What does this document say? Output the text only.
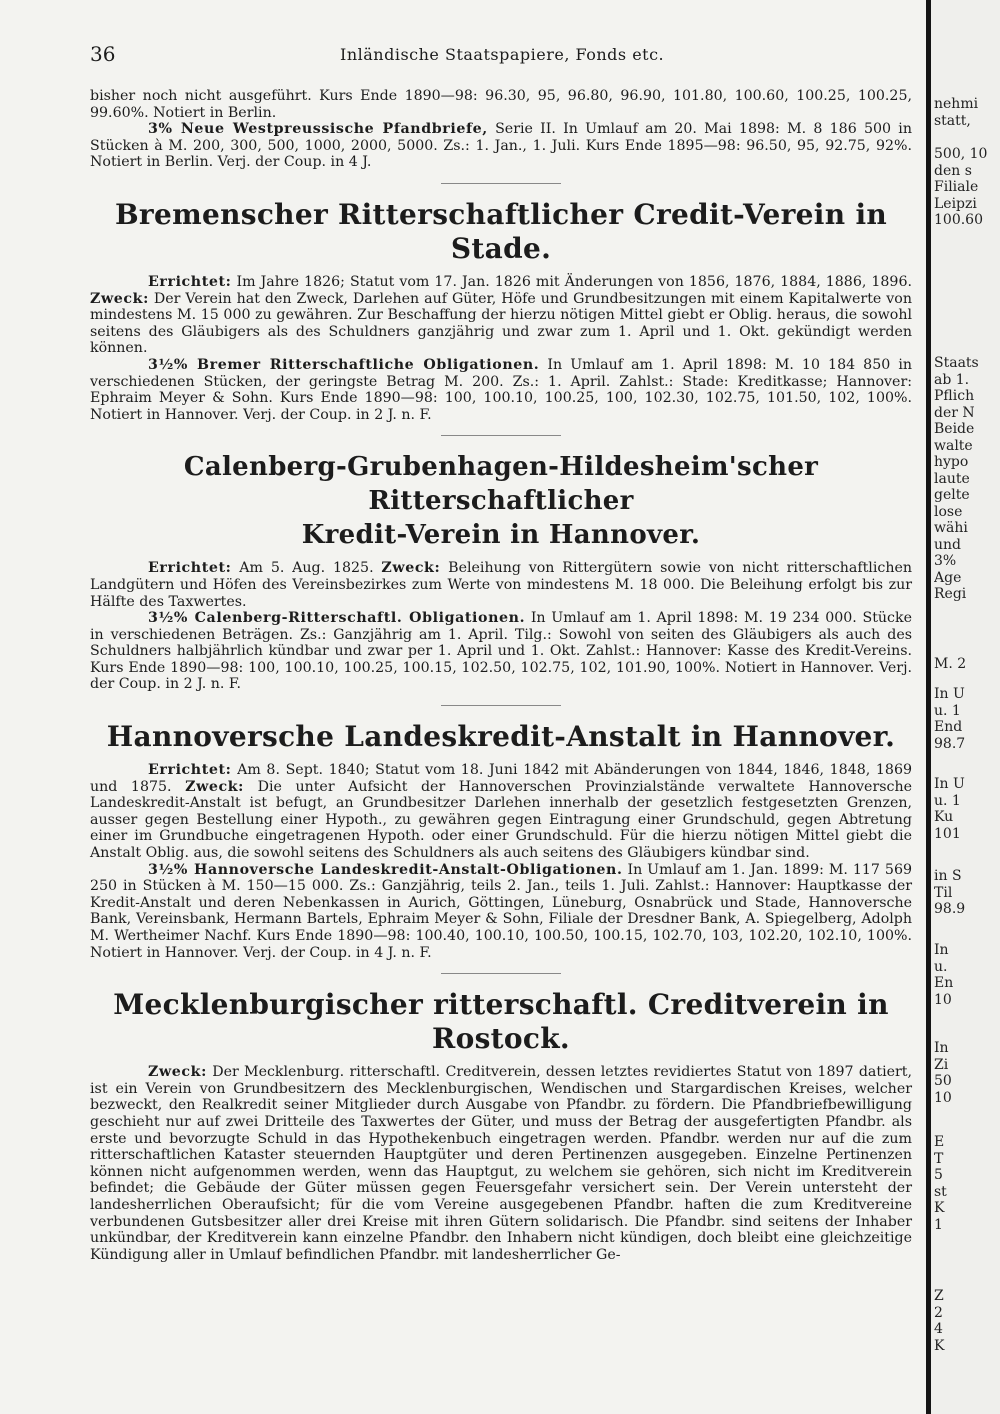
36	Inländische Staatspapiere, Fonds etc.

bisher noch nicht ausgeführt. Kurs Ende 1890—98: 96.30, 95, 96.80, 96.90, 101.80, 100.60, 100.25, 100.25, 99.60%. Notiert in Berlin.

3% Neue Westpreussische Pfandbriefe, Serie II. In Umlauf am 20. Mai 1898: M. 8 186 500 in Stücken à M. 200, 300, 500, 1000, 2000, 5000. Zs.: 1. Jan., 1. Juli. Kurs Ende 1895—98: 96.50, 95, 92.75, 92%. Notiert in Berlin. Verj. der Coup. in 4 J.

Bremenscher Ritterschaftlicher Credit-Verein in Stade.

Errichtet: Im Jahre 1826; Statut vom 17. Jan. 1826 mit Änderungen von 1856, 1876, 1884, 1886, 1896. Zweck: Der Verein hat den Zweck, Darlehen auf Güter, Höfe und Grundbesitzungen mit einem Kapitalwerte von mindestens M. 15 000 zu gewähren. Zur Beschaffung der hierzu nötigen Mittel giebt er Oblig. heraus, die sowohl seitens des Gläubigers als des Schuldners ganzjährig und zwar zum 1. April und 1. Okt. gekündigt werden können.

3½% Bremer Ritterschaftliche Obligationen. In Umlauf am 1. April 1898: M. 10 184 850 in verschiedenen Stücken, der geringste Betrag M. 200. Zs.: 1. April. Zahlst.: Stade: Kreditkasse; Hannover: Ephraim Meyer & Sohn. Kurs Ende 1890—98: 100, 100.10, 100.25, 100, 102.30, 102.75, 101.50, 102, 100%. Notiert in Hannover. Verj. der Coup. in 2 J. n. F.

Calenberg-Grubenhagen-Hildesheim'scher Ritterschaftlicher
Kredit-Verein in Hannover.

Errichtet: Am 5. Aug. 1825. Zweck: Beleihung von Rittergütern sowie von nicht ritterschaftlichen Landgütern und Höfen des Vereinsbezirkes zum Werte von mindestens M. 18 000. Die Beleihung erfolgt bis zur Hälfte des Taxwertes.

3½% Calenberg-Ritterschaftl. Obligationen. In Umlauf am 1. April 1898: M. 19 234 000. Stücke in verschiedenen Beträgen. Zs.: Ganzjährig am 1. April. Tilg.: Sowohl von seiten des Gläubigers als auch des Schuldners halbjährlich kündbar und zwar per 1. April und 1. Okt. Zahlst.: Hannover: Kasse des Kredit-Vereins. Kurs Ende 1890—98: 100, 100.10, 100.25, 100.15, 102.50, 102.75, 102, 101.90, 100%. Notiert in Hannover. Verj. der Coup. in 2 J. n. F.

Hannoversche Landeskredit-Anstalt in Hannover.

Errichtet: Am 8. Sept. 1840; Statut vom 18. Juni 1842 mit Abänderungen von 1844, 1846, 1848, 1869 und 1875. Zweck: Die unter Aufsicht der Hannoverschen Provinzialstände verwaltete Hannoversche Landeskredit-Anstalt ist befugt, an Grundbesitzer Darlehen innerhalb der gesetzlich festgesetzten Grenzen, ausser gegen Bestellung einer Hypoth., zu gewähren gegen Eintragung einer Grundschuld, gegen Abtretung einer im Grundbuche eingetragenen Hypoth. oder einer Grundschuld. Für die hierzu nötigen Mittel giebt die Anstalt Oblig. aus, die sowohl seitens des Schuldners als auch seitens des Gläubigers kündbar sind.

3½% Hannoversche Landeskredit-Anstalt-Obligationen. In Umlauf am 1. Jan. 1899: M. 117 569 250 in Stücken à M. 150—15 000. Zs.: Ganzjährig, teils 2. Jan., teils 1. Juli. Zahlst.: Hannover: Hauptkasse der Kredit-Anstalt und deren Nebenkassen in Aurich, Göttingen, Lüneburg, Osnabrück und Stade, Hannoversche Bank, Vereinsbank, Hermann Bartels, Ephraim Meyer & Sohn, Filiale der Dresdner Bank, A. Spiegelberg, Adolph M. Wertheimer Nachf. Kurs Ende 1890—98: 100.40, 100.10, 100.50, 100.15, 102.70, 103, 102.20, 102.10, 100%. Notiert in Hannover. Verj. der Coup. in 4 J. n. F.

Mecklenburgischer ritterschaftl. Creditverein in Rostock.

Zweck: Der Mecklenburg. ritterschaftl. Creditverein, dessen letztes revidiertes Statut von 1897 datiert, ist ein Verein von Grundbesitzern des Mecklenburgischen, Wendischen und Stargardischen Kreises, welcher bezweckt, den Realkredit seiner Mitglieder durch Ausgabe von Pfandbr. zu fördern. Die Pfandbriefbewilligung geschieht nur auf zwei Dritteile des Taxwertes der Güter, und muss der Betrag der ausgefertigten Pfandbr. als erste und bevorzugte Schuld in das Hypothekenbuch eingetragen werden. Pfandbr. werden nur auf die zum ritterschaftlichen Kataster steuernden Hauptgüter und deren Pertinenzen ausgegeben. Einzelne Pertinenzen können nicht aufgenommen werden, wenn das Hauptgut, zu welchem sie gehören, sich nicht im Kreditverein befindet; die Gebäude der Güter müssen gegen Feuersgefahr versichert sein. Der Verein untersteht der landesherrlichen Oberaufsicht; für die vom Vereine ausgegebenen Pfandbr. haften die zum Kreditvereine verbundenen Gutsbesitzer aller drei Kreise mit ihren Gütern solidarisch. Die Pfandbr. sind seitens der Inhaber unkündbar, der Kreditverein kann einzelne Pfandbr. den Inhabern nicht kündigen, doch bleibt eine gleichzeitige Kündigung aller in Umlauf befindlichen Pfandbr. mit landesherrlicher Ge-

nehmi
statt,
500, 10
den s
Filiale
Leipzi
100.60
Staats
ab 1.
Pflich
der N
Beide
walte
hypo
laute
gelte
lose
wähi
und
3%
Age
Regi
M. 2
In U
u. 1
End
98.7
In U
u. 1
Ku
101
in S
Til
98.9
In
u.
En
10
In
Zi
50
10
E
T
5
st
K
1
Z
2
4
K
